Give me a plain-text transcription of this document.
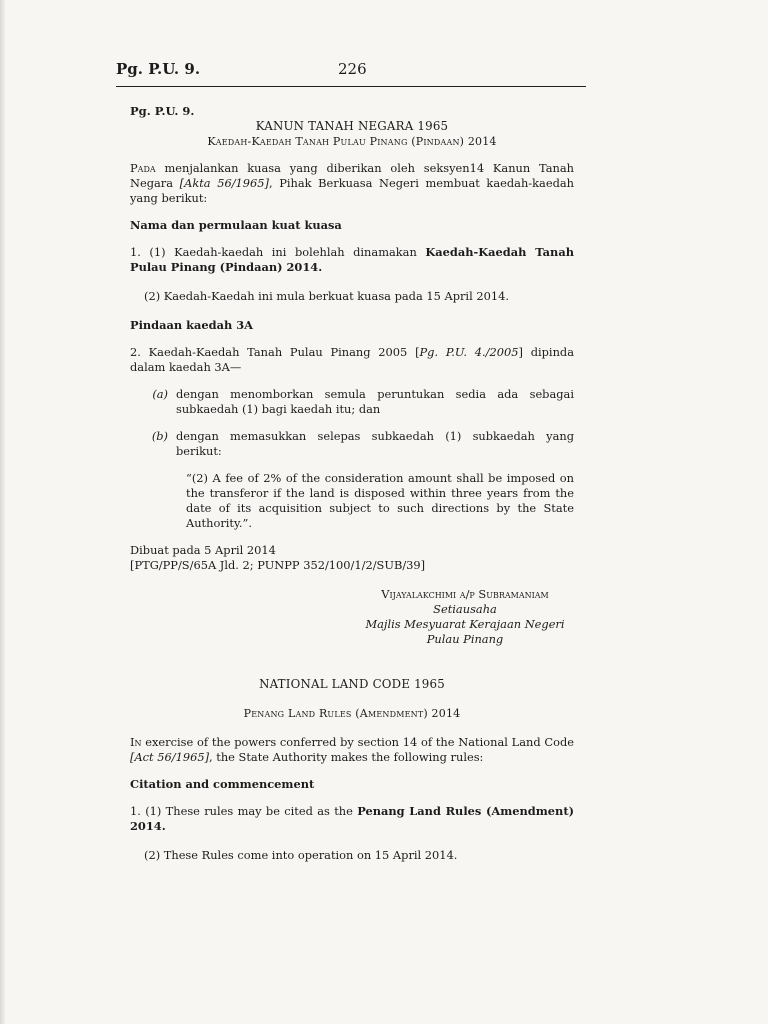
Pg. P.U. 9.	226

Pg. P.U. 9.

KANUN TANAH NEGARA 1965

Kaedah-Kaedah Tanah Pulau Pinang (Pindaan) 2014

Pada menjalankan kuasa yang diberikan oleh seksyen14 Kanun Tanah Negara [Akta 56/1965], Pihak Berkuasa Negeri membuat kaedah-kaedah yang berikut:

Nama dan permulaan kuat kuasa

1. (1) Kaedah-kaedah ini bolehlah dinamakan Kaedah-Kaedah Tanah Pulau Pinang (Pindaan) 2014.

(2) Kaedah-Kaedah ini mula berkuat kuasa pada 15 April 2014.

Pindaan kaedah 3A

2. Kaedah-Kaedah Tanah Pulau Pinang 2005 [Pg. P.U. 4./2005] dipinda dalam kaedah 3A—

(a) dengan menomborkan semula peruntukan sedia ada sebagai subkaedah (1) bagi kaedah itu; dan
(b) dengan memasukkan selepas subkaedah (1) subkaedah yang berikut:

“(2) A fee of 2% of the consideration amount shall be imposed on the transferor if the land is disposed within three years from the date of its acquisition subject to such directions by the State Authority.”.

Dibuat pada 5 April 2014

[PTG/PP/S/65A Jld. 2; PUNPP 352/100/1/2/SUB/39]

Vijayalakchimi a/p Subramaniam

Setiausaha

Majlis Mesyuarat Kerajaan Negeri

Pulau Pinang

NATIONAL LAND CODE 1965

Penang Land Rules (Amendment) 2014

In exercise of the powers conferred by section 14 of the National Land Code [Act 56/1965], the State Authority makes the following rules:

Citation and commencement

1. (1) These rules may be cited as the Penang Land Rules (Amendment) 2014.

(2) These Rules come into operation on 15 April 2014.
